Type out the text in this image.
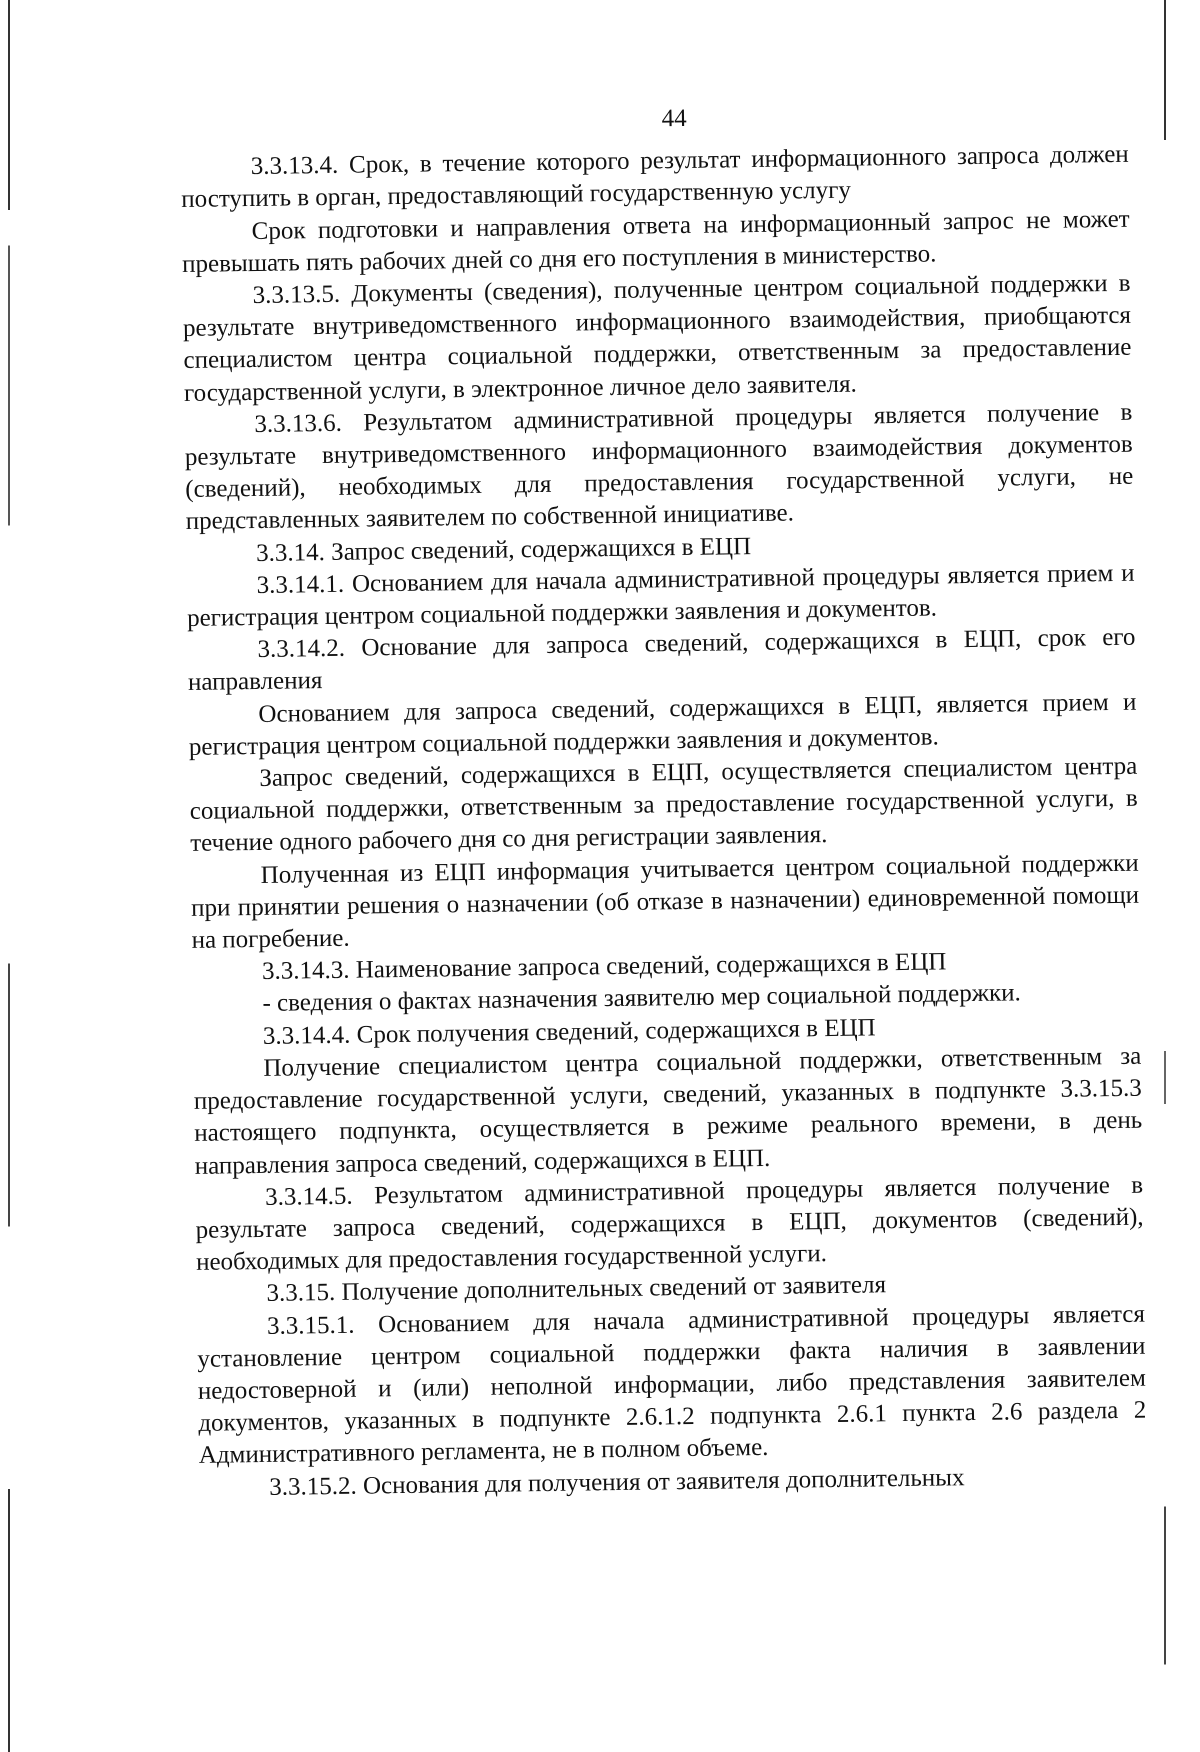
44

3.3.13.4. Срок, в течение которого результат информационного запроса должен поступить в орган, предоставляющий государственную услугу

Срок подготовки и направления ответа на информационный запрос не может превышать пять рабочих дней со дня его поступления в министерство.

3.3.13.5. Документы (сведения), полученные центром социальной поддержки в результате внутриведомственного информационного взаимодействия, приобщаются специалистом центра социальной поддержки, ответственным за предоставление государственной услуги, в электронное личное дело заявителя.

3.3.13.6. Результатом административной процедуры является получение в результате внутриведомственного информационного взаимодействия документов (сведений), необходимых для предоставления государственной услуги, не представленных заявителем по собственной инициативе.

3.3.14. Запрос сведений, содержащихся в ЕЦП

3.3.14.1. Основанием для начала административной процедуры является прием и регистрация центром социальной поддержки заявления и документов.

3.3.14.2. Основание для запроса сведений, содержащихся в ЕЦП, срок его направления

Основанием для запроса сведений, содержащихся в ЕЦП, является прием и регистрация центром социальной поддержки заявления и документов.

Запрос сведений, содержащихся в ЕЦП, осуществляется специалистом центра социальной поддержки, ответственным за предоставление государственной услуги, в течение одного рабочего дня со дня регистрации заявления.

Полученная из ЕЦП информация учитывается центром социальной поддержки при принятии решения о назначении (об отказе в назначении) единовременной помощи на погребение.

3.3.14.3. Наименование запроса сведений, содержащихся в ЕЦП

- сведения о фактах назначения заявителю мер социальной поддержки.

3.3.14.4. Срок получения сведений, содержащихся в ЕЦП

Получение специалистом центра социальной поддержки, ответственным за предоставление государственной услуги, сведений, указанных в подпункте 3.3.15.3 настоящего подпункта, осуществляется в режиме реального времени, в день направления запроса сведений, содержащихся в ЕЦП.

3.3.14.5. Результатом административной процедуры является получение в результате запроса сведений, содержащихся в ЕЦП, документов (сведений), необходимых для предоставления государственной услуги.

3.3.15. Получение дополнительных сведений от заявителя

3.3.15.1. Основанием для начала административной процедуры является установление центром социальной поддержки факта наличия в заявлении недостоверной и (или) неполной информации, либо представления заявителем документов, указанных в подпункте 2.6.1.2 подпункта 2.6.1 пункта 2.6 раздела 2 Административного регламента, не в полном объеме.

3.3.15.2. Основания для получения от заявителя дополнительных
